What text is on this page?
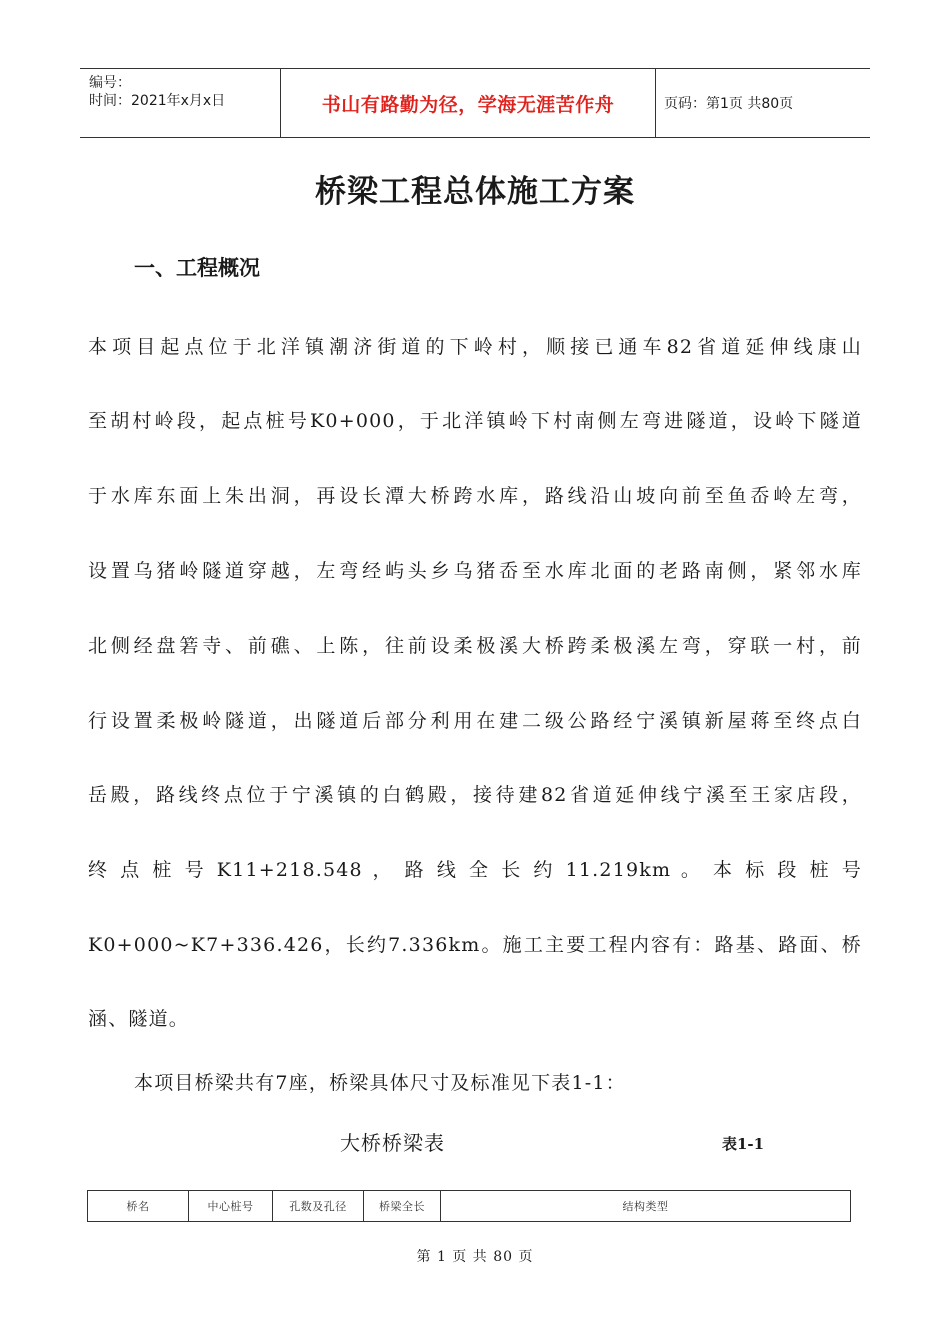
编号：
时间：2021年x月x日	书山有路勤为径，学海无涯苦作舟	页码：第1页 共80页
桥梁工程总体施工方案
一、工程概况
本项目起点位于北洋镇潮济街道的下岭村，顺接已通车82省道延伸线康山
至胡村岭段，起点桩号K0+000，于北洋镇岭下村南侧左弯进隧道，设岭下隧道
于水库东面上朱出洞，再设长潭大桥跨水库，路线沿山坡向前至鱼岙岭左弯，
设置乌猪岭隧道穿越，左弯经屿头乡乌猪岙至水库北面的老路南侧，紧邻水库
北侧经盘箬寺、前礁、上陈，往前设柔极溪大桥跨柔极溪左弯，穿联一村，前
行设置柔极岭隧道，出隧道后部分利用在建二级公路经宁溪镇新屋蒋至终点白
岳殿，路线终点位于宁溪镇的白鹤殿，接待建82省道延伸线宁溪至王家店段，
终 点 桩 号 K11+218.548 ， 路 线 全 长 约 11.219km 。 本 标 段 桩 号
K0+000~K7+336.426，长约7.336km。施工主要工程内容有：路基、路面、桥
涵、隧道。
本项目桥梁共有7座，桥梁具体尺寸及标准见下表1-1：
大桥桥梁表	表1-1
桥名	中心桩号	孔数及孔径	桥梁全长	结构类型
第 1 页 共 80 页
